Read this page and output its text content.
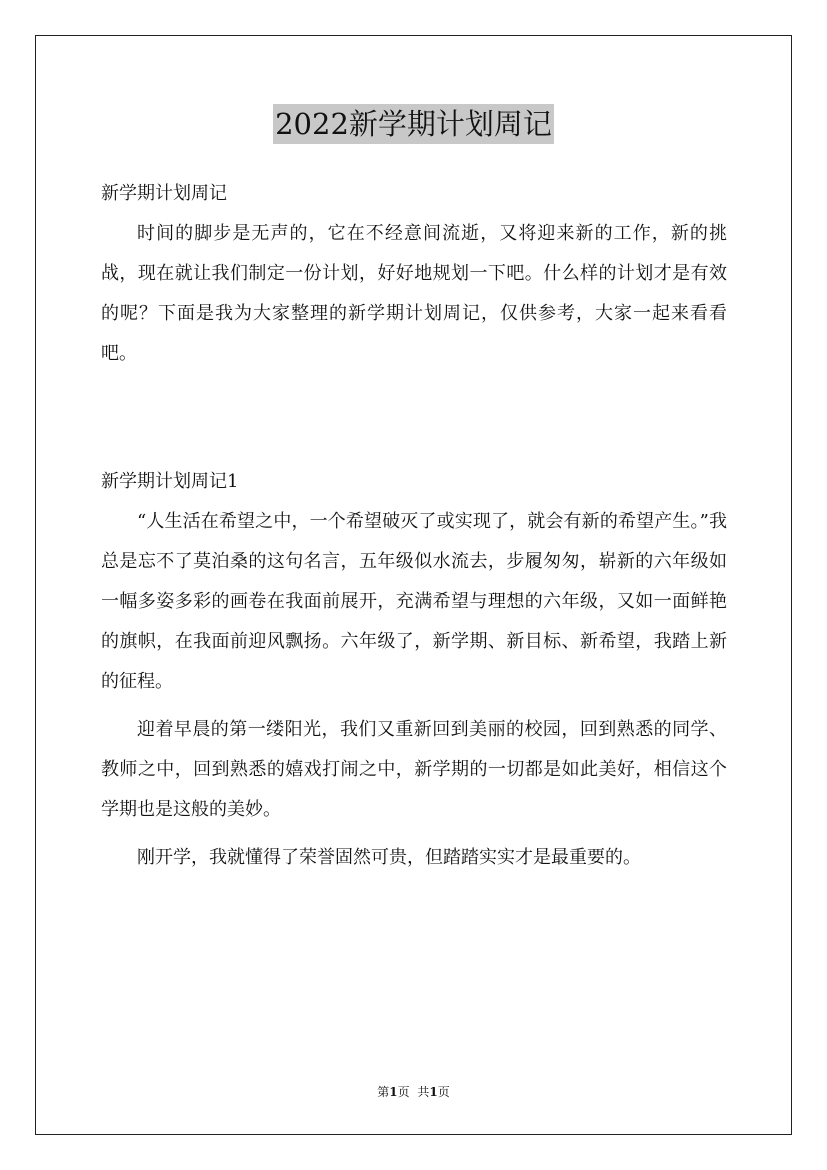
2022新学期计划周记

新学期计划周记

时间的脚步是无声的，它在不经意间流逝，又将迎来新的工作，新的挑战，现在就让我们制定一份计划，好好地规划一下吧。什么样的计划才是有效的呢？下面是我为大家整理的新学期计划周记，仅供参考，大家一起来看看吧。

新学期计划周记1

“人生活在希望之中，一个希望破灭了或实现了，就会有新的希望产生。”我总是忘不了莫泊桑的这句名言，五年级似水流去，步履匆匆，崭新的六年级如一幅多姿多彩的画卷在我面前展开，充满希望与理想的六年级，又如一面鲜艳的旗帜，在我面前迎风飘扬。六年级了，新学期、新目标、新希望，我踏上新的征程。

迎着早晨的第一缕阳光，我们又重新回到美丽的校园，回到熟悉的同学、教师之中，回到熟悉的嬉戏打闹之中，新学期的一切都是如此美好，相信这个学期也是这般的美妙。

刚开学，我就懂得了荣誉固然可贵，但踏踏实实才是最重要的。

第1页 共1页
